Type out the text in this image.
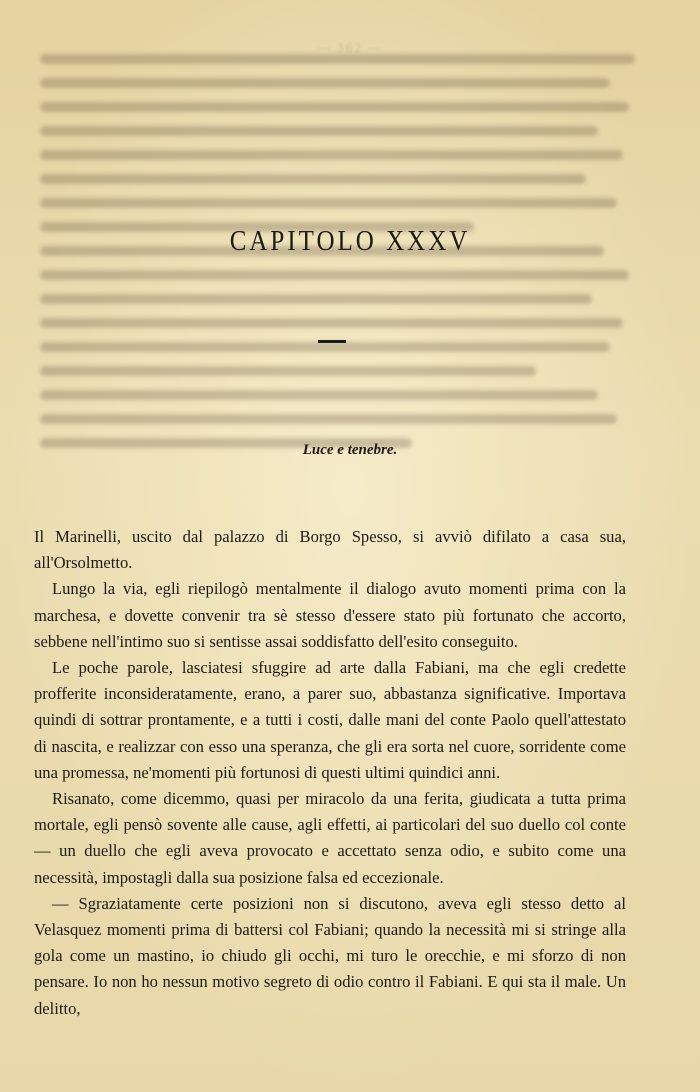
— 362 —
CAPITOLO XXXV
Luce e tenebre.

Il Marinelli, uscito dal palazzo di Borgo Spesso, si avviò difilato a casa sua, all'Orsolmetto.

Lungo la via, egli riepilogò mentalmente il dialogo avuto momenti prima con la marchesa, e dovette convenir tra sè stesso d'essere stato più fortunato che accorto, sebbene nell'intimo suo si sentisse assai soddisfatto dell'esito conseguito.

Le poche parole, lasciatesi sfuggire ad arte dalla Fabiani, ma che egli credette profferite inconsideratamente, erano, a parer suo, abbastanza significative. Importava quindi di sottrar prontamente, e a tutti i costi, dalle mani del conte Paolo quell'attestato di nascita, e realizzar con esso una speranza, che gli era sorta nel cuore, sorridente come una promessa, ne'momenti più fortunosi di questi ultimi quindici anni.

Risanato, come dicemmo, quasi per miracolo da una ferita, giudicata a tutta prima mortale, egli pensò sovente alle cause, agli effetti, ai particolari del suo duello col conte — un duello che egli aveva provocato e accettato senza odio, e subito come una necessità, impostagli dalla sua posizione falsa ed eccezionale.

— Sgraziatamente certe posizioni non si discutono, aveva egli stesso detto al Velasquez momenti prima di battersi col Fabiani; quando la necessità mi si stringe alla gola come un mastino, io chiudo gli occhi, mi turo le orecchie, e mi sforzo di non pensare. Io non ho nessun motivo segreto di odio contro il Fabiani. E qui sta il male. Un delitto,
